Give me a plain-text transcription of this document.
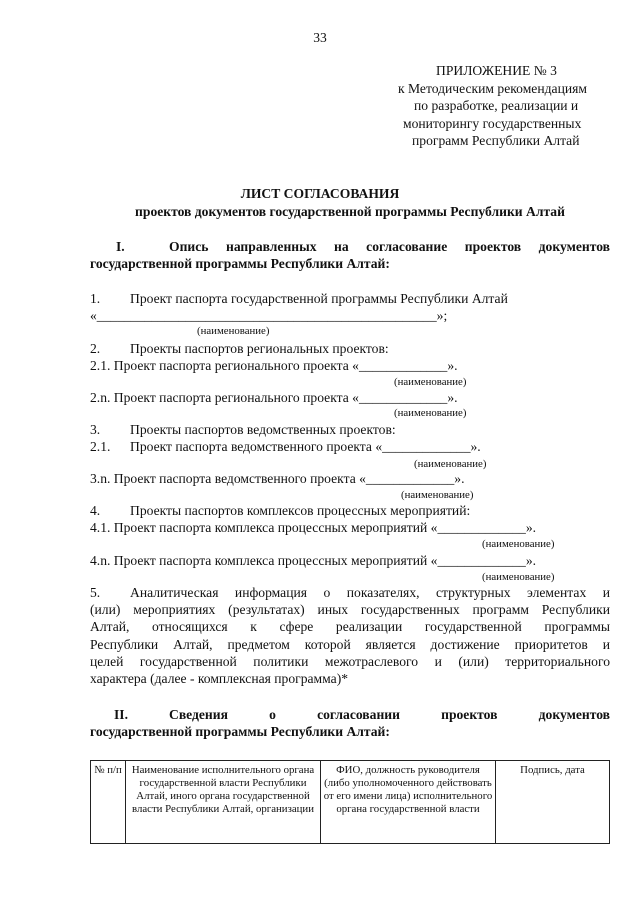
33
ПРИЛОЖЕНИЕ № 3
к Методическим рекомендациям
по разработке, реализации и
мониторингу государственных
программ Республики Алтай
ЛИСТ СОГЛАСОВАНИЯ
проектов документов государственной программы Республики Алтай
I.	Опись направленных на согласование проектов документов
государственной программы Республики Алтай:
1. Проект паспорта государственной программы Республики Алтай
«__________________________________________________»;
(наименование)
2. Проекты паспортов региональных проектов:
2.1. Проект паспорта регионального проекта «_____________».
(наименование)
2.n. Проект паспорта регионального проекта «_____________».
(наименование)
3. Проекты паспортов ведомственных проектов:
2.1. Проект паспорта ведомственного проекта «_____________».
(наименование)
3.n. Проект паспорта ведомственного проекта «_____________».
(наименование)
4. Проекты паспортов комплексов процессных мероприятий:
4.1. Проект паспорта комплекса процессных мероприятий «_____________».
(наименование)
4.n. Проект паспорта комплекса процессных мероприятий «_____________».
(наименование)
5. Аналитическая информация о показателях, структурных элементах и
(или) мероприятиях (результатах) иных государственных программ Республики
Алтай, относящихся к сфере реализации государственной программы
Республики Алтай, предметом которой является достижение приоритетов и
целей государственной политики межотраслевого и (или) территориального
характера (далее - комплексная программа)*
II.	Сведения о согласовании проектов документов
государственной программы Республики Алтай:
№ п/п	Наименование исполнительного органа государственной власти Республики Алтай, иного органа государственной власти Республики Алтай, организации	ФИО, должность руководителя (либо уполномоченного действовать от его имени лица) исполнительного органа государственной власти	Подпись, дата
